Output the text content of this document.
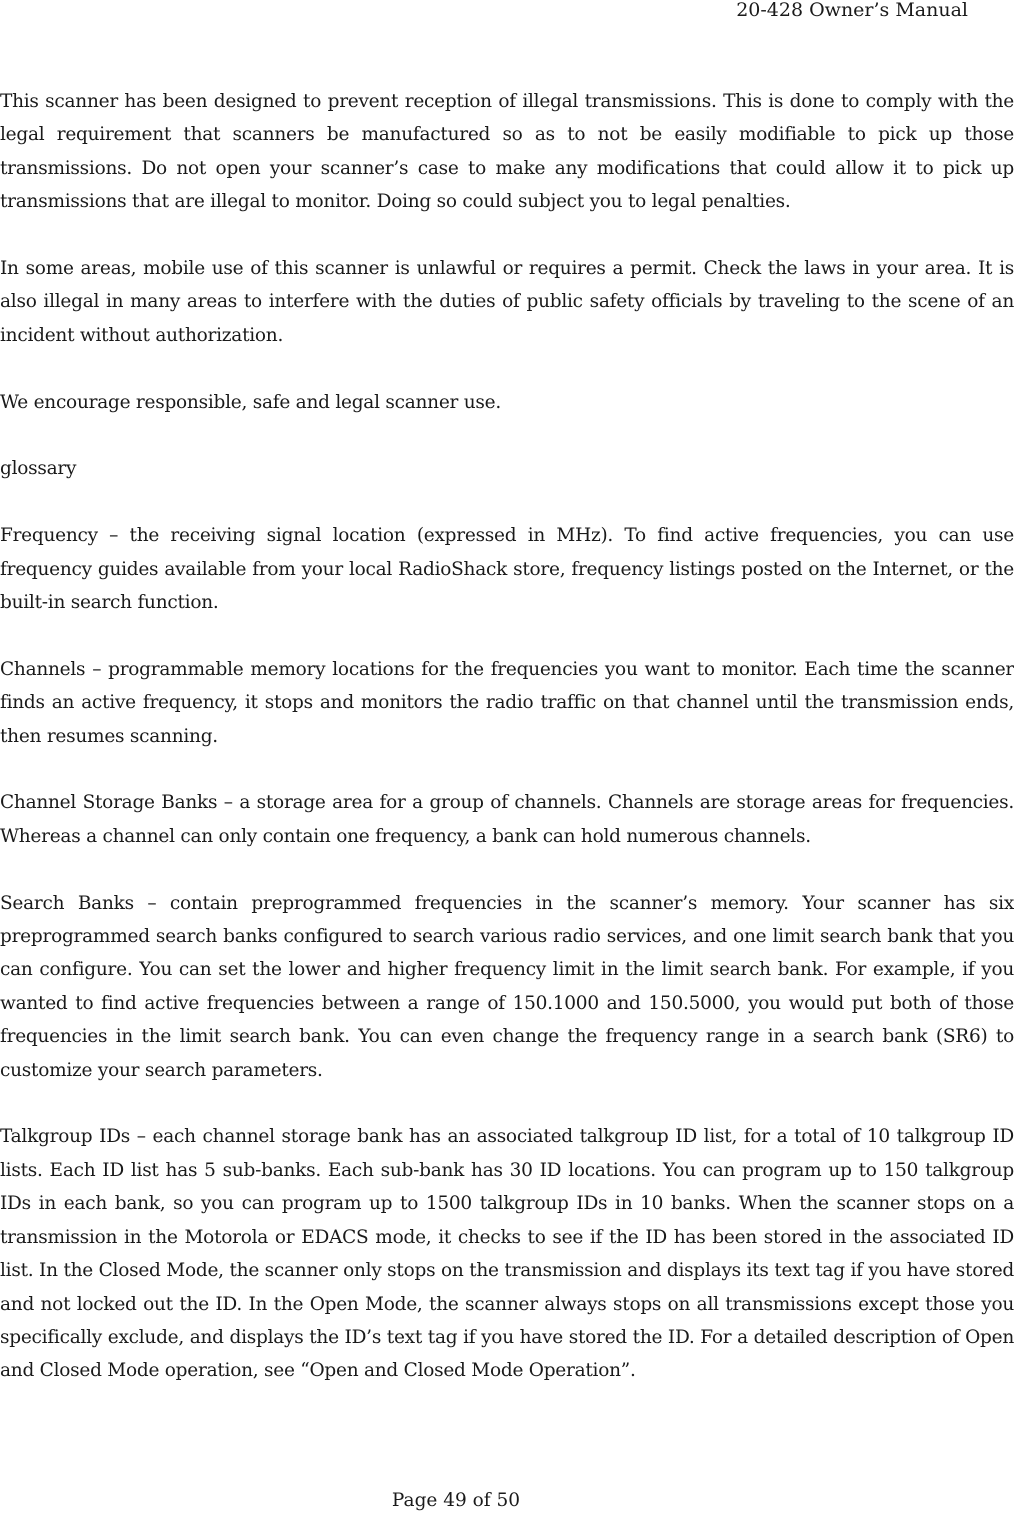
20-428 Owner’s Manual

This scanner has been designed to prevent reception of illegal transmissions. This is done to comply with the legal requirement that scanners be manufactured so as to not be easily modifiable to pick up those transmissions. Do not open your scanner’s case to make any modifications that could allow it to pick up transmissions that are illegal to monitor. Doing so could subject you to legal penalties.

In some areas, mobile use of this scanner is unlawful or requires a permit. Check the laws in your area. It is also illegal in many areas to interfere with the duties of public safety officials by traveling to the scene of an incident without authorization.

We encourage responsible, safe and legal scanner use.

glossary

Frequency – the receiving signal location (expressed in MHz). To find active frequencies, you can use frequency guides available from your local RadioShack store, frequency listings posted on the Internet, or the built-in search function.

Channels – programmable memory locations for the frequencies you want to monitor. Each time the scanner finds an active frequency, it stops and monitors the radio traffic on that channel until the transmission ends, then resumes scanning.

Channel Storage Banks – a storage area for a group of channels. Channels are storage areas for frequencies. Whereas a channel can only contain one frequency, a bank can hold numerous channels.

Search Banks – contain preprogrammed frequencies in the scanner’s memory. Your scanner has six preprogrammed search banks configured to search various radio services, and one limit search bank that you can configure. You can set the lower and higher frequency limit in the limit search bank. For example, if you wanted to find active frequencies between a range of 150.1000 and 150.5000, you would put both of those frequencies in the limit search bank. You can even change the frequency range in a search bank (SR6) to customize your search parameters.

Talkgroup IDs – each channel storage bank has an associated talkgroup ID list, for a total of 10 talkgroup ID lists. Each ID list has 5 sub-banks. Each sub-bank has 30 ID locations. You can program up to 150 talkgroup IDs in each bank, so you can program up to 1500 talkgroup IDs in 10 banks. When the scanner stops on a transmission in the Motorola or EDACS mode, it checks to see if the ID has been stored in the associated ID list. In the Closed Mode, the scanner only stops on the transmission and displays its text tag if you have stored and not locked out the ID. In the Open Mode, the scanner always stops on all transmissions except those you specifically exclude, and displays the ID’s text tag if you have stored the ID. For a detailed description of Open and Closed Mode operation, see “Open and Closed Mode Operation”.

Page 49 of 50
